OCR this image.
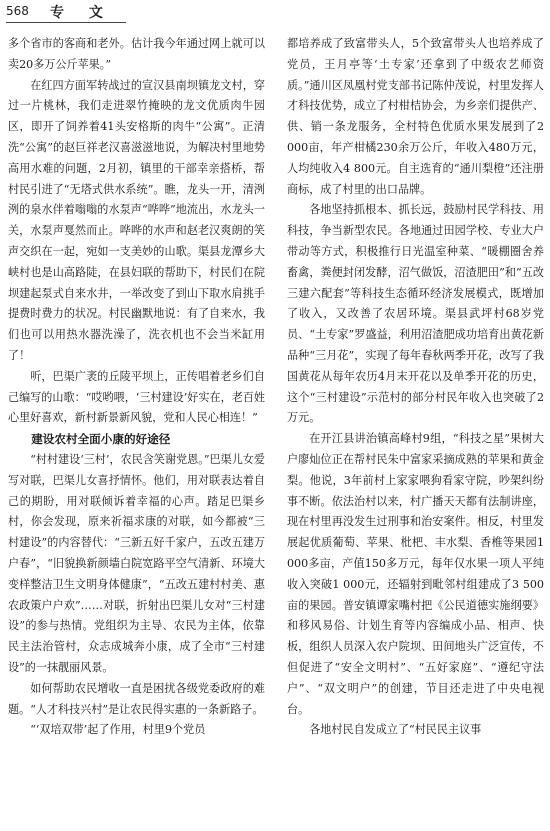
568 专 文

多个省市的客商和老外。估计我今年通过网上就可以卖20多万公斤苹果。”

在红四方面军转战过的宣汉县南坝镇龙文村，穿过一片桃林，我们走进翠竹掩映的龙文优质肉牛园区，即开了饲养着41头安格斯的肉牛“公寓”。正清洗“公寓”的赵巨祥老汉喜滋滋地说，为解决村里地势高用水难的问题，2月初，镇里的干部幸亲搭桥，帮村民引进了“无塔式供水系统”。瞧，龙头一开，清洌洌的泉水伴着嗡嗡的水泵声“哗哗”地流出，水龙头一关，水泵声戛然而止。哗哗的水声和赵老汉爽朗的笑声交织在一起，宛如一支美妙的山歌。渠县龙潭乡大峡村也是山高路陡，在县妇联的帮助下，村民们在院坝建起泵式自来水井，一举改变了到山下取水肩挑手提费时费力的状况。村民幽默地说：有了自来水，我们也可以用热水器洗澡了，洗衣机也不会当米缸用了！

听，巴渠广袤的丘陵平坝上，正传唱着老乡们自己编写的山歌：“哎哟喂，‘三村建设’好实在，老百姓心里好喜欢，新村新景新风貌，党和人民心相连！”

建设农村全面小康的好途径

“村村建设‘三村’，农民含笑谢党恩。”巴渠儿女爱写对联，巴渠儿女喜抒情怀。他们，用对联表达着自己的期盼，用对联倾诉着幸福的心声。踏足巴渠乡村，你会发现，原来祈福求康的对联，如今都被“三村建设”的内容替代：“三新五好千家户，五改五建万户春”，“旧貌换新颜墙白院宽路平空气清新、环境大变样整洁卫生文明身体健康”，“五改五建村村美、惠农政策户户欢”……对联，折射出巴渠儿女对“三村建设”的参与热情。党组织为主导、农民为主体，依靠民主法治管村，众志成城奔小康，成了全市“三村建设”的一抹靓丽风景。

如何帮助农民增收一直是困扰各级党委政府的难题。“人才科技兴村”是让农民得实惠的一条新路子。

“‘双培双带’起了作用，村里9个党员

都培养成了致富带头人，5个致富带头人也培养成了党员，王月亭等‘土专家’还拿到了中级农艺师资质。”通川区凤凰村党支部书记陈仲茂说，村里发挥人才科技优势，成立了村柑桔协会，为乡亲们提供产、供、销一条龙服务，全村特色优质水果发展到了2 000亩，年产柑橘230余万公斤，年收入480万元，人均纯收入4 800元。自主选育的“通川梨橙”还注册商标，成了村里的出口品牌。

各地坚持抓根本、抓长远，鼓励村民学科技、用科技，争当新型农民。各地通过田园学校、专业大户带动等方式，积极推行日光温室种菜、“暖棚圈舍养畜禽，粪便封闭发酵，沼气做饭，沼渣肥田”和“五改三建六配套”等科技生态循环经济发展模式，既增加了收入，又改善了农居环境。渠县武坪村68岁党员、“土专家”罗盛益，利用沼渣肥成功培育出黄花新品种“三月花”，实现了每年春秋两季开花，改写了我国黄花从每年农历4月末开花以及单季开花的历史，这个“三村建设”示范村的部分村民年收入也突破了2万元。

在开江县讲治镇高峰村9组，“科技之星”果树大户廖灿位正在帮村民朱中富家采摘成熟的苹果和黄金梨。他说，3年前村上家家喂狗看家守院，吵架纠纷事不断。依法治村以来，村广播天天都有法制讲座，现在村里再没发生过刑事和治安案件。相反，村里发展起优质葡萄、苹果、枇杷、丰水梨、香椎等果园1 000多亩，产值150多万元，每年仅水果一项人平纯收入突破1 000元，还辐射到毗邻村组建成了3 500亩的果园。普安镇谭家嘴村把《公民道德实施纲要》和移风易俗、计划生育等内容编成小品、相声、快板，组织人员深入农户院坝、田间地头广泛宣传，不但促进了“安全文明村”、“五好家庭”、“遵纪守法户”、“双文明户”的创建，节目还走进了中央电视台。

各地村民自发成立了“村民民主议事
